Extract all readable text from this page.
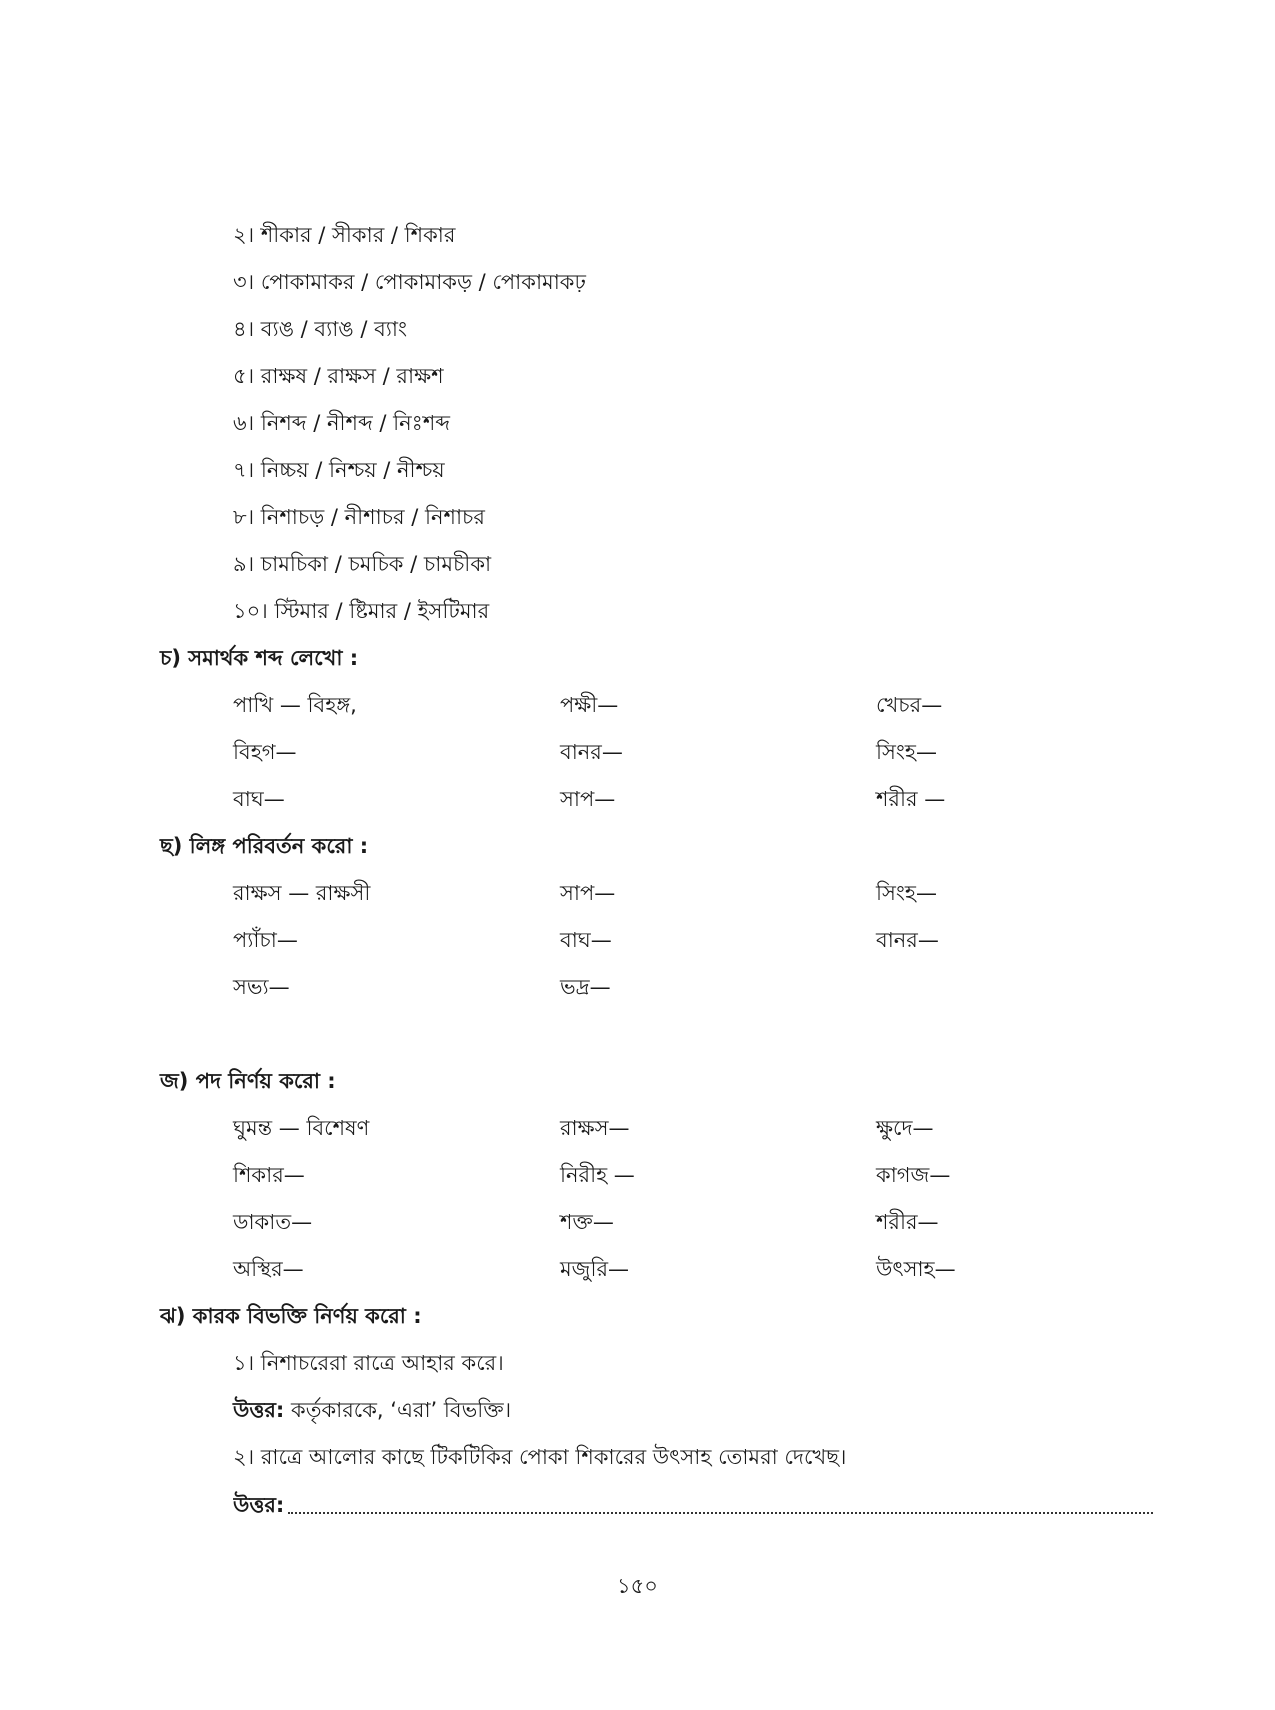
২। শীকার / সীকার / শিকার
৩। পোকামাকর / পোকামাকড় / পোকামাকঢ়
৪। ব্যঙ / ব্যাঙ / ব্যাং
৫। রাক্ষষ / রাক্ষস / রাক্ষশ
৬। নিশব্দ / নীশব্দ / নিঃশব্দ
৭। নিচ্চয় / নিশ্চয় / নীশ্চয়
৮। নিশাচড় / নীশাচর / নিশাচর
৯। চামচিকা / চমচিক / চামচীকা
১০। স্টিমার / ষ্টিমার / ইসটিমার
চ) সমার্থক শব্দ লেখো :
পাখি — বিহঙ্গ,	পক্ষী—	খেচর—
বিহগ—	বানর—	সিংহ—
বাঘ—	সাপ—	শরীর —
ছ) লিঙ্গ পরিবর্তন করো :
রাক্ষস — রাক্ষসী	সাপ—	সিংহ—
প্যাঁচা—	বাঘ—	বানর—
সভ্য—	ভদ্র—
জ) পদ নির্ণয় করো :
ঘুমন্ত — বিশেষণ	রাক্ষস—	ক্ষুদে—
শিকার—	নিরীহ —	কাগজ—
ডাকাত—	শক্ত—	শরীর—
অস্থির—	মজুরি—	উৎসাহ—
ঝ) কারক বিভক্তি নির্ণয় করো :
১। নিশাচরেরা রাত্রে আহার করে।
উত্তর: কর্তৃকারকে, ‘এরা’ বিভক্তি।
২। রাত্রে আলোর কাছে টিকটিকির পোকা শিকারের উৎসাহ তোমরা দেখেছ।
উত্তর:
১৫০
